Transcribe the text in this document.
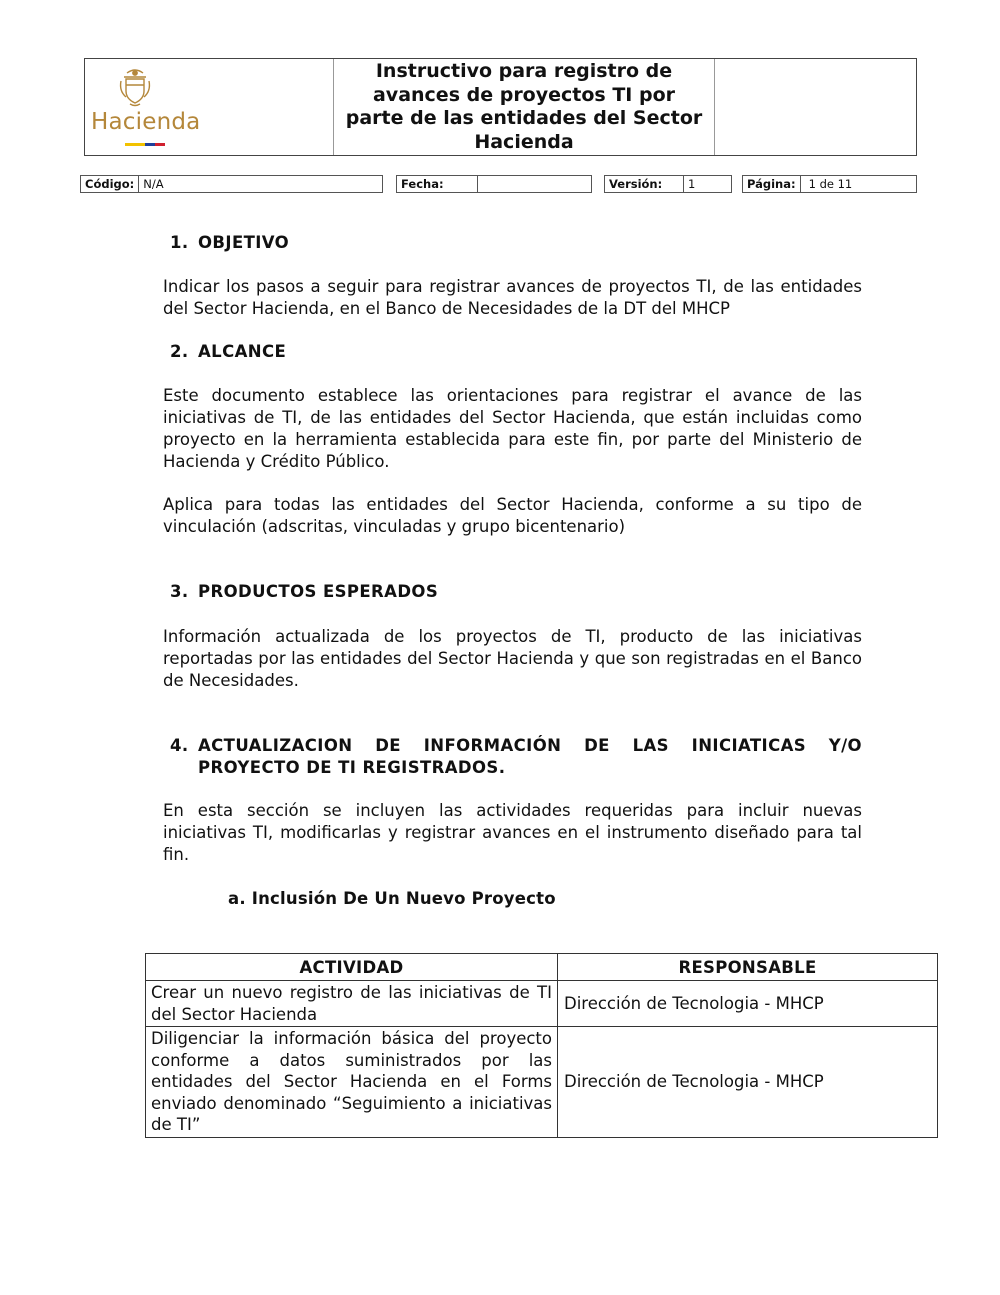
Hacienda
Instructivo para registro de
avances de proyectos TI por
parte de las entidades del Sector
Hacienda
Código: N/A	Fecha:	Versión:	1	Página:	1 de 11
1. OBJETIVO

Indicar los pasos a seguir para registrar avances de proyectos TI, de las entidades del Sector Hacienda, en el Banco de Necesidades de la DT del MHCP

2. ALCANCE

Este documento establece las orientaciones para registrar el avance de las iniciativas de TI, de las entidades del Sector Hacienda, que están incluidas como proyecto en la herramienta establecida para este fin, por parte del Ministerio de Hacienda y Crédito Público.

Aplica para todas las entidades del Sector Hacienda, conforme a su tipo de vinculación (adscritas, vinculadas y grupo bicentenario)

3. PRODUCTOS ESPERADOS

Información actualizada de los proyectos de TI, producto de las iniciativas reportadas por las entidades del Sector Hacienda y que son registradas en el Banco de Necesidades.

4. ACTUALIZACION DE INFORMACIÓN DE LAS INICIATICAS Y/O PROYECTO DE TI REGISTRADOS.

En esta sección se incluyen las actividades requeridas para incluir nuevas iniciativas TI, modificarlas y registrar avances en el instrumento diseñado para tal fin.

a. Inclusión De Un Nuevo Proyecto
ACTIVIDAD	RESPONSABLE
Crear un nuevo registro de las iniciativas de TI del Sector Hacienda	Dirección de Tecnologia - MHCP
Diligenciar la información básica del proyecto conforme a datos suministrados por las entidades del Sector Hacienda en el Forms enviado denominado “Seguimiento a iniciativas de TI”	Dirección de Tecnologia - MHCP
